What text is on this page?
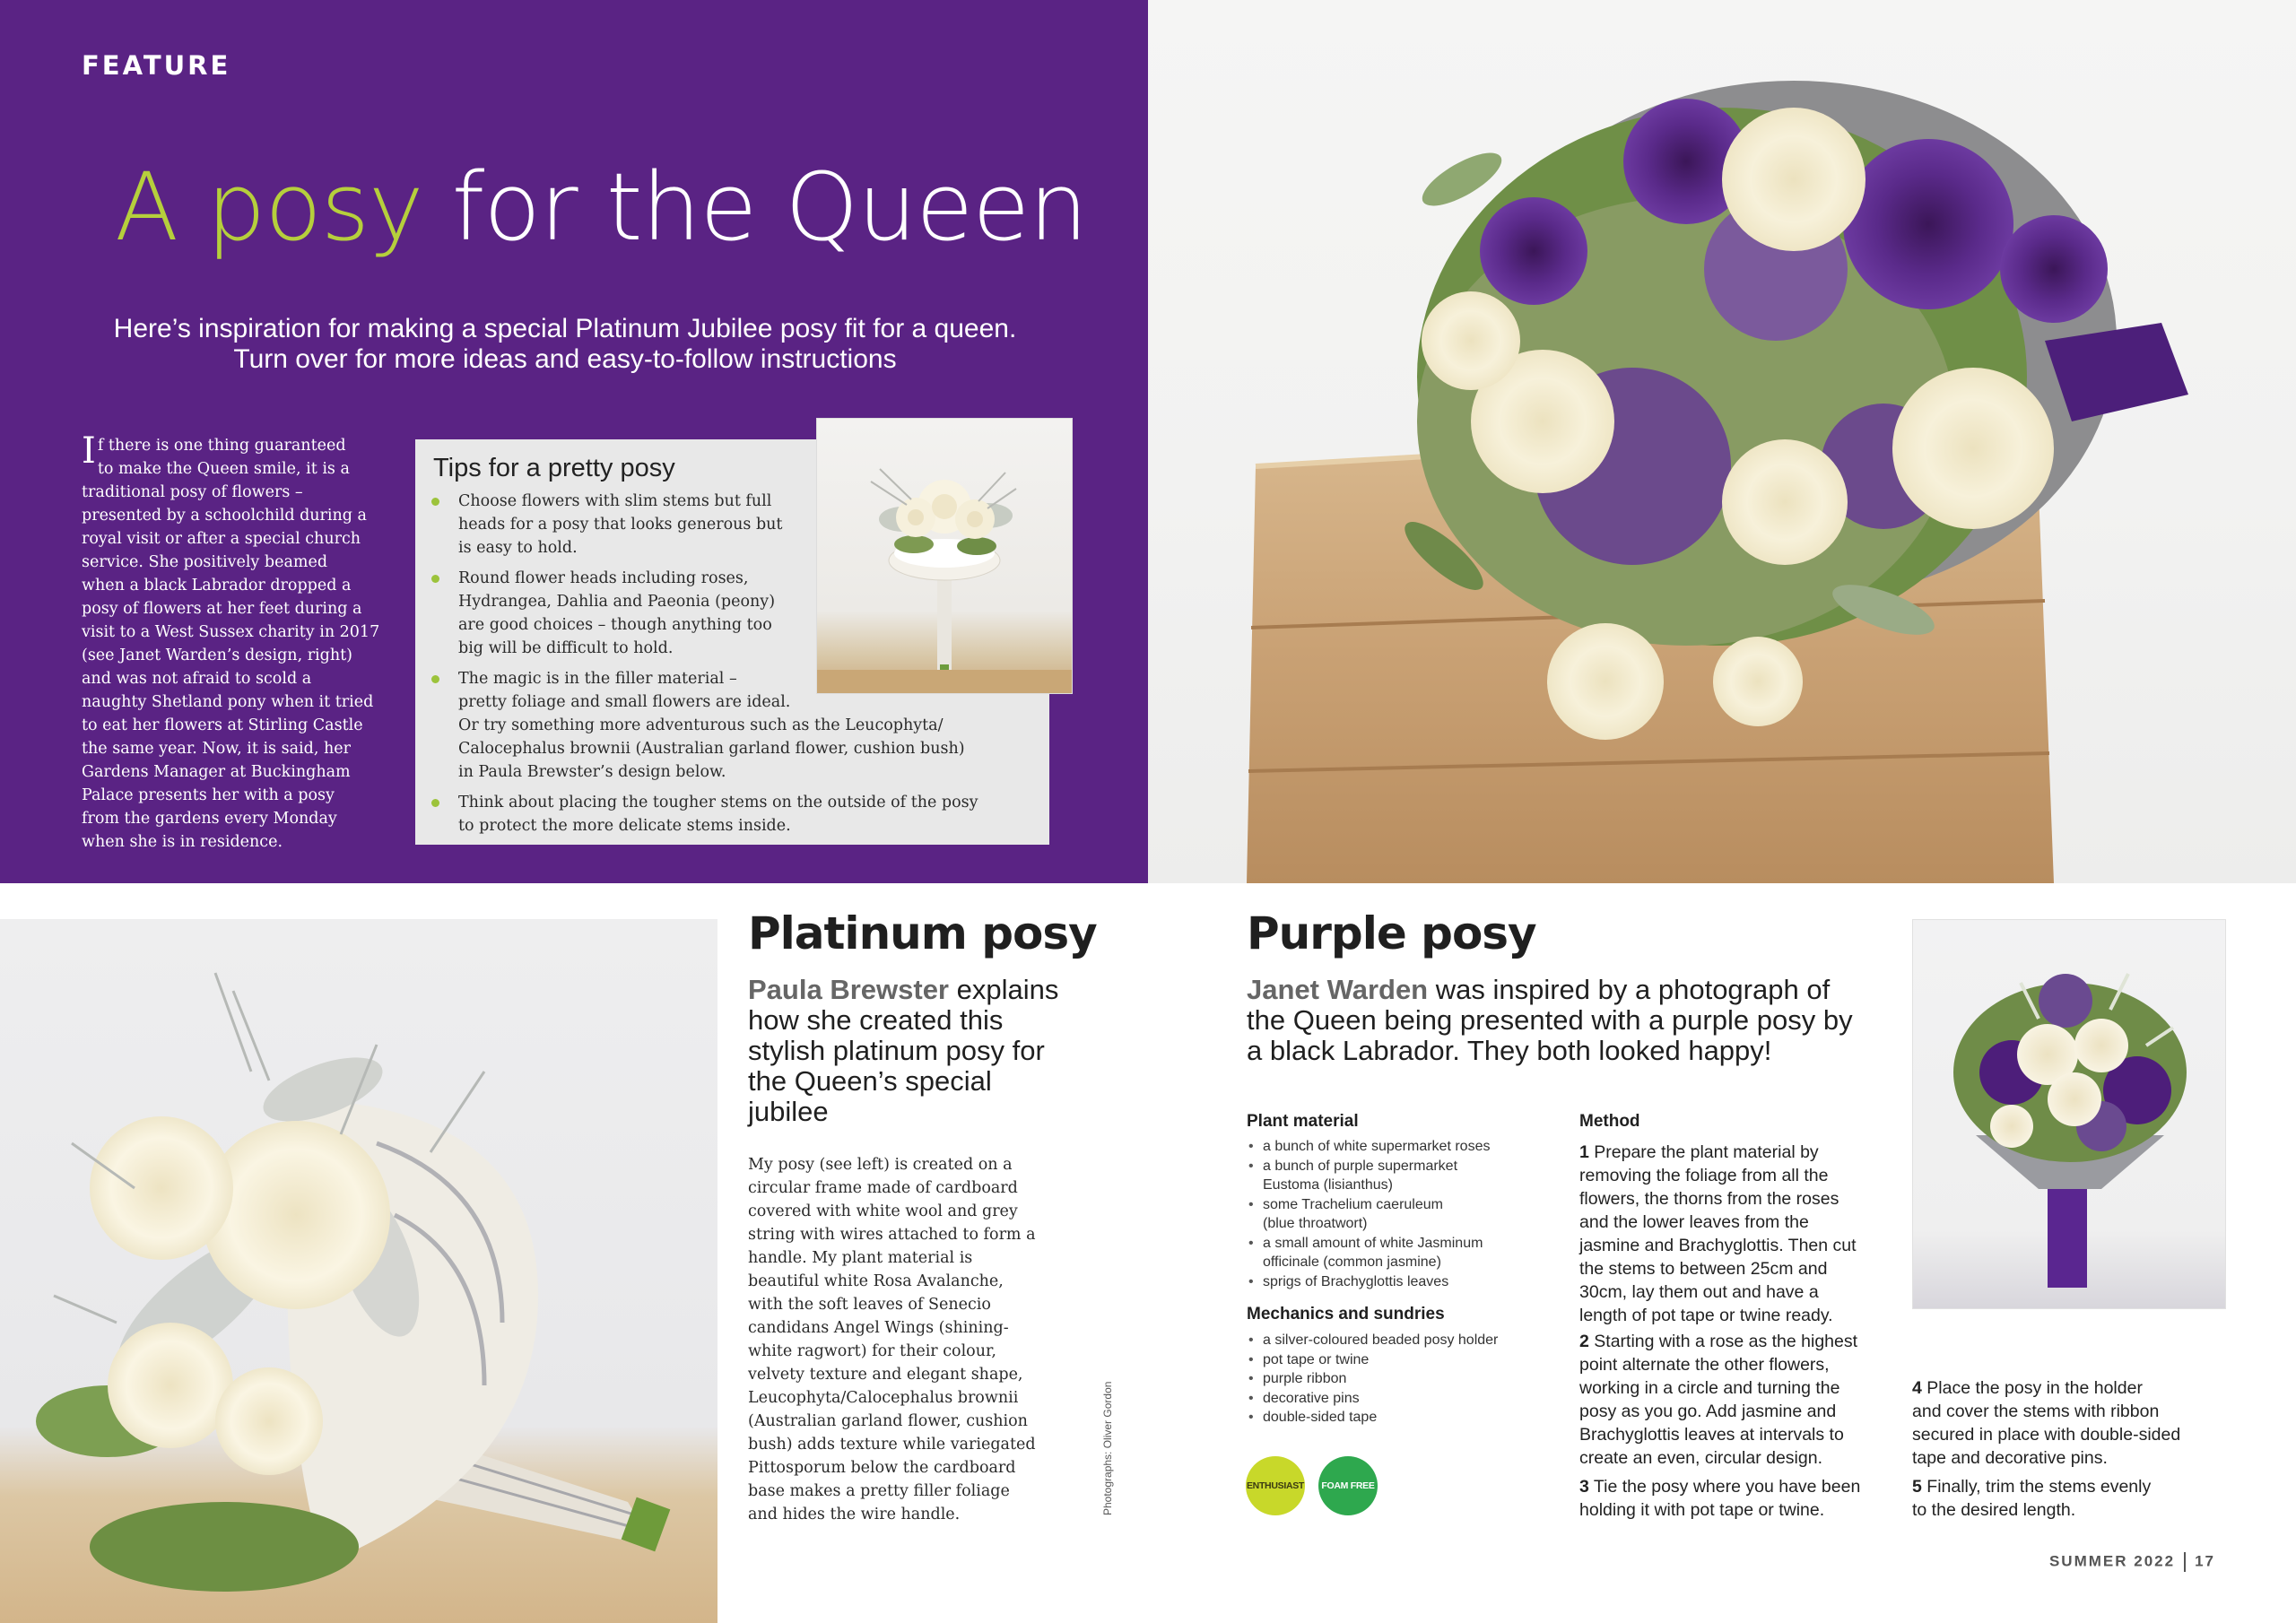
FEATURE
A posy for the Queen
Here’s inspiration for making a special Platinum Jubilee posy fit for a queen.
Turn over for more ideas and easy-to-follow instructions
I f there is one thing guaranteed
to make the Queen smile, it is a
traditional posy of flowers –
presented by a schoolchild during a
royal visit or after a special church
service. She positively beamed
when a black Labrador dropped a
posy of flowers at her feet during a
visit to a West Sussex charity in 2017
(see Janet Warden’s design, right)
and was not afraid to scold a
naughty Shetland pony when it tried
to eat her flowers at Stirling Castle
the same year. Now, it is said, her
Gardens Manager at Buckingham
Palace presents her with a posy
from the gardens every Monday
when she is in residence.
Tips for a pretty posy
Choose flowers with slim stems but full
heads for a posy that looks generous but
is easy to hold.
Round flower heads including roses,
Hydrangea, Dahlia and Paeonia (peony)
are good choices – though anything too
big will be difficult to hold.
The magic is in the filler material –
pretty foliage and small flowers are ideal.
Or try something more adventurous such as the Leucophyta/
Calocephalus brownii (Australian garland flower, cushion bush)
in Paula Brewster’s design below.
Think about placing the tougher stems on the outside of the posy
to protect the more delicate stems inside.
Platinum posy
Paula Brewster explains
how she created this
stylish platinum posy for
the Queen’s special
jubilee
My posy (see left) is created on a
circular frame made of cardboard
covered with white wool and grey
string with wires attached to form a
handle. My plant material is
beautiful white Rosa Avalanche,
with the soft leaves of Senecio
candidans Angel Wings (shining-
white ragwort) for their colour,
velvety texture and elegant shape,
Leucophyta/Calocephalus brownii
(Australian garland flower, cushion
bush) adds texture while variegated
Pittosporum below the cardboard
base makes a pretty filler foliage
and hides the wire handle.	Photographs: Oliver Gordon
Purple posy
Janet Warden was inspired by a photograph of
the Queen being presented with a purple posy by
a black Labrador. They both looked happy!
Plant material
• a bunch of white supermarket roses
• a bunch of purple supermarket
Eustoma (lisianthus)
• some Trachelium caeruleum
(blue throatwort)
• a small amount of white Jasminum
officinale (common jasmine)
• sprigs of Brachyglottis leaves
Mechanics and sundries
• a silver-coloured beaded posy holder
• pot tape or twine
• purple ribbon
• decorative pins
• double-sided tape
Method
1 Prepare the plant material by
removing the foliage from all the
flowers, the thorns from the roses
and the lower leaves from the
jasmine and Brachyglottis. Then cut
the stems to between 25cm and
30cm, lay them out and have a
length of pot tape or twine ready.
2 Starting with a rose as the highest
point alternate the other flowers,
working in a circle and turning the
posy as you go. Add jasmine and
Brachyglottis leaves at intervals to
create an even, circular design.
3 Tie the posy where you have been
holding it with pot tape or twine.
4 Place the posy in the holder
and cover the stems with ribbon
secured in place with double-sided
tape and decorative pins.
5 Finally, trim the stems evenly
to the desired length.
ENTHUSIAST	FOAM FREE
SUMMER 2022 17
